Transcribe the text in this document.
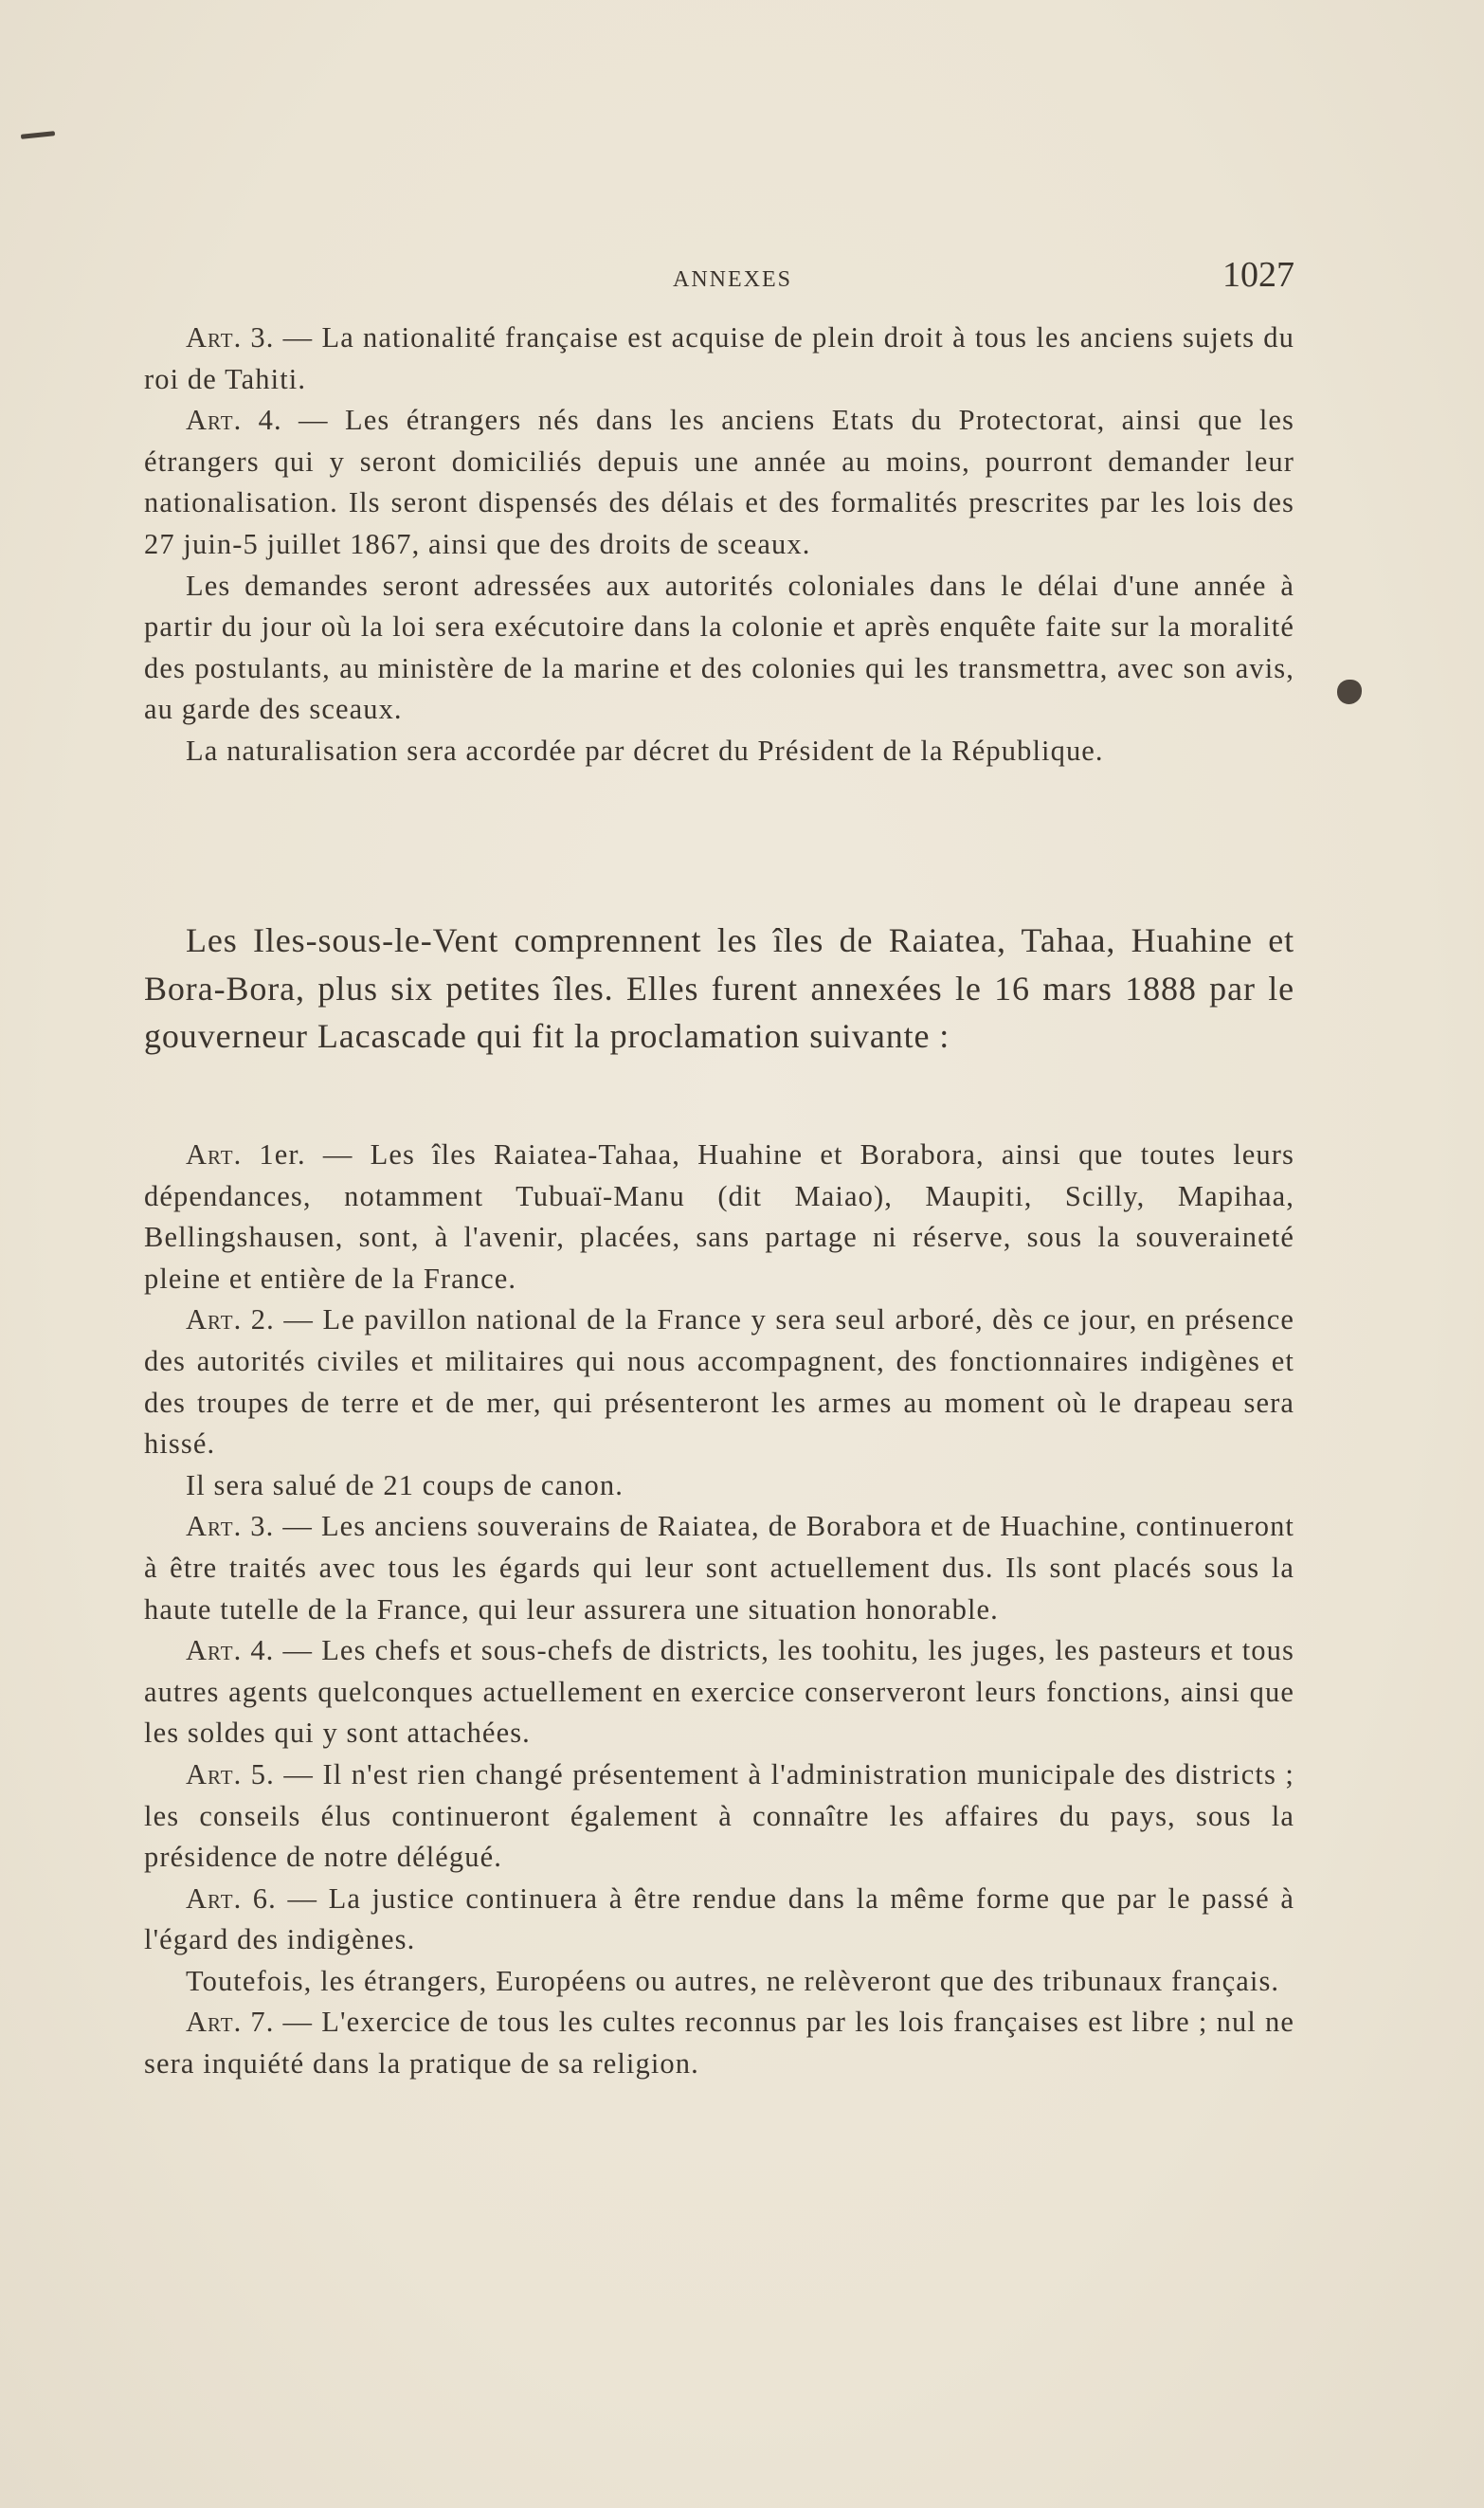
ANNEXES	1027

Art. 3. — La nationalité française est acquise de plein droit à tous les anciens sujets du roi de Tahiti.

Art. 4. — Les étrangers nés dans les anciens Etats du Protectorat, ainsi que les étrangers qui y seront domiciliés depuis une année au moins, pourront demander leur nationalisation. Ils seront dispensés des délais et des formalités prescrites par les lois des 27 juin-5 juillet 1867, ainsi que des droits de sceaux.

Les demandes seront adressées aux autorités coloniales dans le délai d'une année à partir du jour où la loi sera exécutoire dans la colonie et après enquête faite sur la moralité des postulants, au ministère de la marine et des colonies qui les transmettra, avec son avis, au garde des sceaux.

La naturalisation sera accordée par décret du Président de la République.

Les Iles-sous-le-Vent comprennent les îles de Raiatea, Tahaa, Huahine et Bora-Bora, plus six petites îles. Elles furent annexées le 16 mars 1888 par le gouverneur Lacascade qui fit la proclamation suivante :

Art. 1er. — Les îles Raiatea-Tahaa, Huahine et Borabora, ainsi que toutes leurs dépendances, notamment Tubuaï-Manu (dit Maiao), Maupiti, Scilly, Mapihaa, Bellingshausen, sont, à l'avenir, placées, sans partage ni réserve, sous la souveraineté pleine et entière de la France.

Art. 2. — Le pavillon national de la France y sera seul arboré, dès ce jour, en présence des autorités civiles et militaires qui nous accompagnent, des fonctionnaires indigènes et des troupes de terre et de mer, qui présenteront les armes au moment où le drapeau sera hissé.

Il sera salué de 21 coups de canon.

Art. 3. — Les anciens souverains de Raiatea, de Borabora et de Huachine, continueront à être traités avec tous les égards qui leur sont actuellement dus. Ils sont placés sous la haute tutelle de la France, qui leur assurera une situation honorable.

Art. 4. — Les chefs et sous-chefs de districts, les toohitu, les juges, les pasteurs et tous autres agents quelconques actuellement en exercice conserveront leurs fonctions, ainsi que les soldes qui y sont attachées.

Art. 5. — Il n'est rien changé présentement à l'administration municipale des districts ; les conseils élus continueront également à connaître les affaires du pays, sous la présidence de notre délégué.

Art. 6. — La justice continuera à être rendue dans la même forme que par le passé à l'égard des indigènes.

Toutefois, les étrangers, Européens ou autres, ne relèveront que des tribunaux français.

Art. 7. — L'exercice de tous les cultes reconnus par les lois françaises est libre ; nul ne sera inquiété dans la pratique de sa religion.
